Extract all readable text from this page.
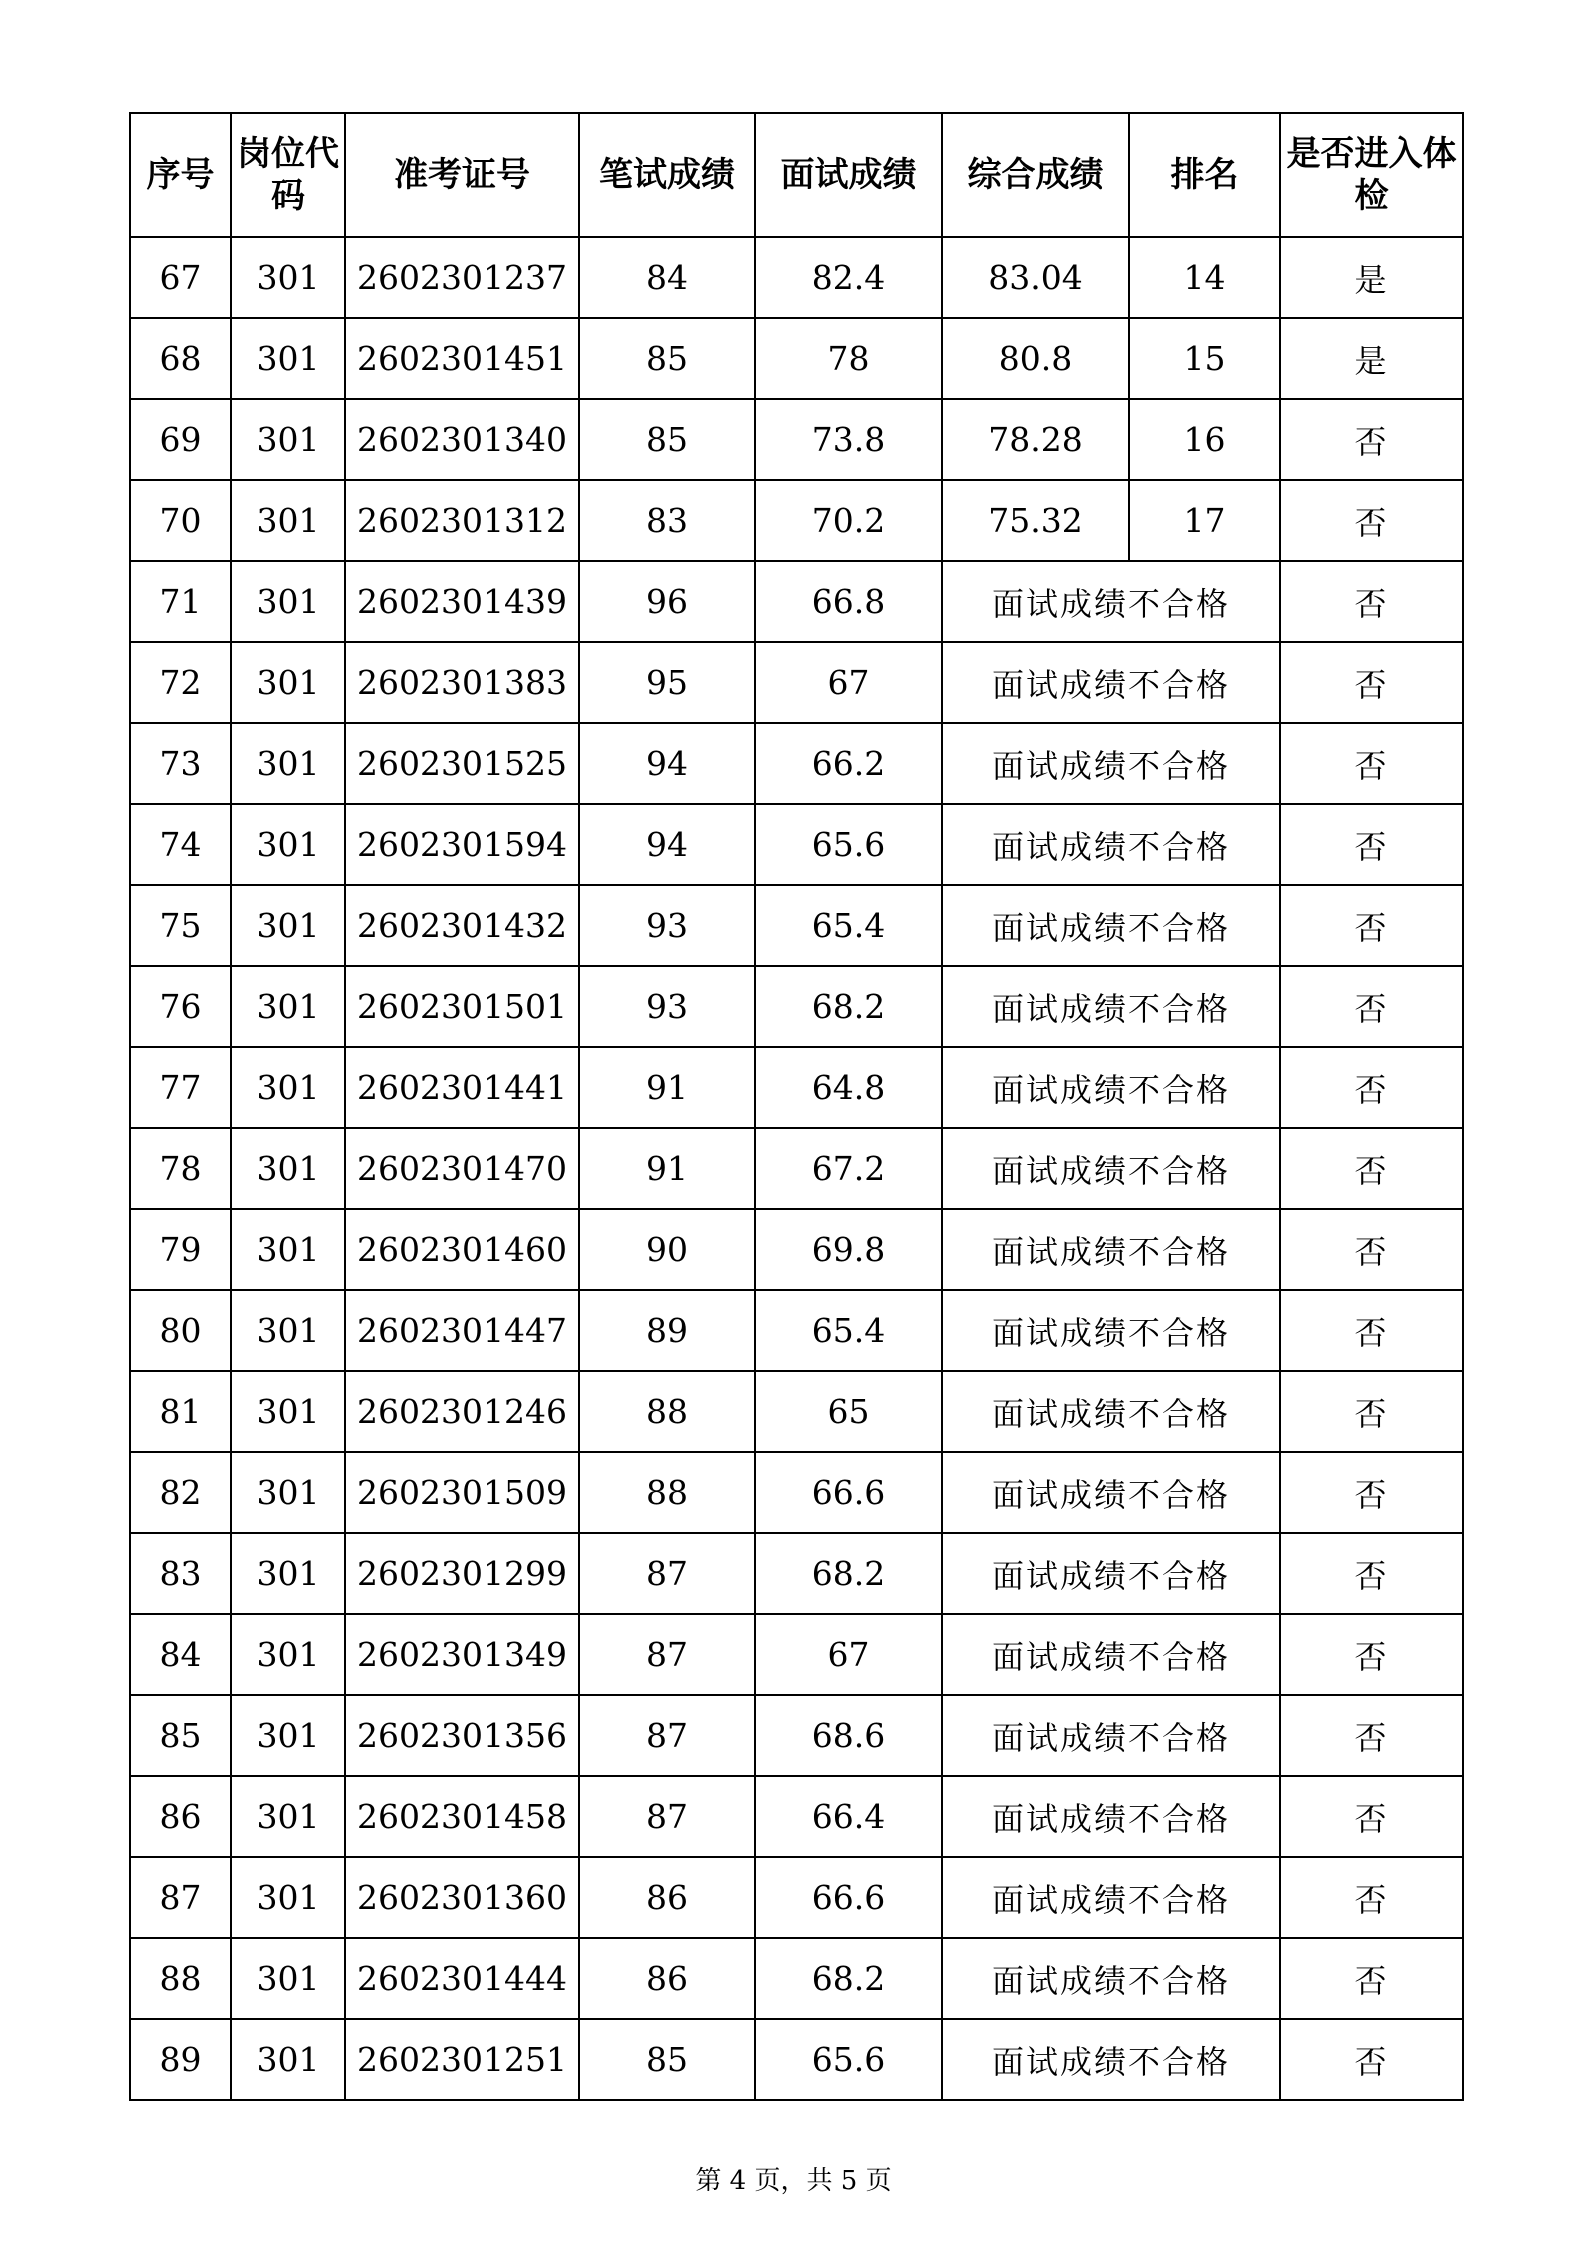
序号	岗位代码	准考证号	笔试成绩	面试成绩	综合成绩	排名	是否进入体检
67	301	2602301237	84	82.4	83.04	14	是
68	301	2602301451	85	78	80.8	15	是
69	301	2602301340	85	73.8	78.28	16	否
70	301	2602301312	83	70.2	75.32	17	否
71	301	2602301439	96	66.8	面试成绩不合格		否
72	301	2602301383	95	67	面试成绩不合格		否
73	301	2602301525	94	66.2	面试成绩不合格		否
74	301	2602301594	94	65.6	面试成绩不合格		否
75	301	2602301432	93	65.4	面试成绩不合格		否
76	301	2602301501	93	68.2	面试成绩不合格		否
77	301	2602301441	91	64.8	面试成绩不合格		否
78	301	2602301470	91	67.2	面试成绩不合格		否
79	301	2602301460	90	69.8	面试成绩不合格		否
80	301	2602301447	89	65.4	面试成绩不合格		否
81	301	2602301246	88	65	面试成绩不合格		否
82	301	2602301509	88	66.6	面试成绩不合格		否
83	301	2602301299	87	68.2	面试成绩不合格		否
84	301	2602301349	87	67	面试成绩不合格		否
85	301	2602301356	87	68.6	面试成绩不合格		否
86	301	2602301458	87	66.4	面试成绩不合格		否
87	301	2602301360	86	66.6	面试成绩不合格		否
88	301	2602301444	86	68.2	面试成绩不合格		否
89	301	2602301251	85	65.6	面试成绩不合格		否
第 4 页，共 5 页
